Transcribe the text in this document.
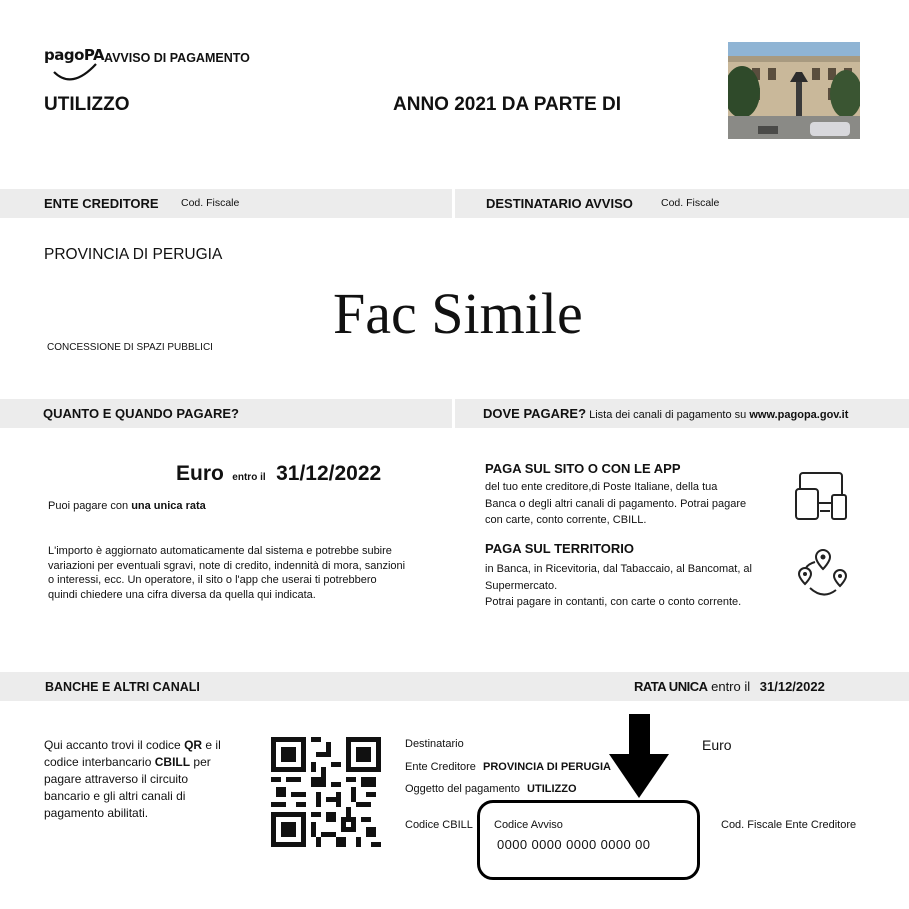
pagoPA AVVISO DI PAGAMENTO
UTILIZZO	ANNO 2021 DA PARTE DI
ENTE CREDITORE Cod. Fiscale	DESTINATARIO AVVISO	Cod. Fiscale
PROVINCIA DI PERUGIA
Fac Simile
CONCESSIONE DI SPAZI PUBBLICI
QUANTO E QUANDO PAGARE?	DOVE PAGARE? Lista dei canali di pagamento su www.pagopa.gov.it
Euro entro il 31/12/2022
Puoi pagare con una unica rata
L'importo è aggiornato automaticamente dal sistema e potrebbe subire variazioni per eventuali sgravi, note di credito, indennità di mora, sanzioni o interessi, ecc. Un operatore, il sito o l'app che userai ti potrebbero quindi chiedere una cifra diversa da quella qui indicata.
PAGA SUL SITO O CON LE APP
del tuo ente creditore,di Poste Italiane, della tua Banca o degli altri canali di pagamento. Potrai pagare con carte, conto corrente, CBILL.
PAGA SUL TERRITORIO
in Banca, in Ricevitoria, dal Tabaccaio, al Bancomat, al Supermercato.
Potrai pagare in contanti, con carte o conto corrente.
BANCHE E ALTRI CANALI	RATA UNICA entro il 31/12/2022
Qui accanto trovi il codice QR e il codice interbancario CBILL per pagare attraverso il circuito bancario e gli altri canali di pagamento abilitati.
Destinatario	Euro
Ente Creditore PROVINCIA DI PERUGIA
Oggetto del pagamento UTILIZZO
Codice CBILL	Cod. Fiscale Ente Creditore
Codice Avviso
0000 0000 0000 0000 00
